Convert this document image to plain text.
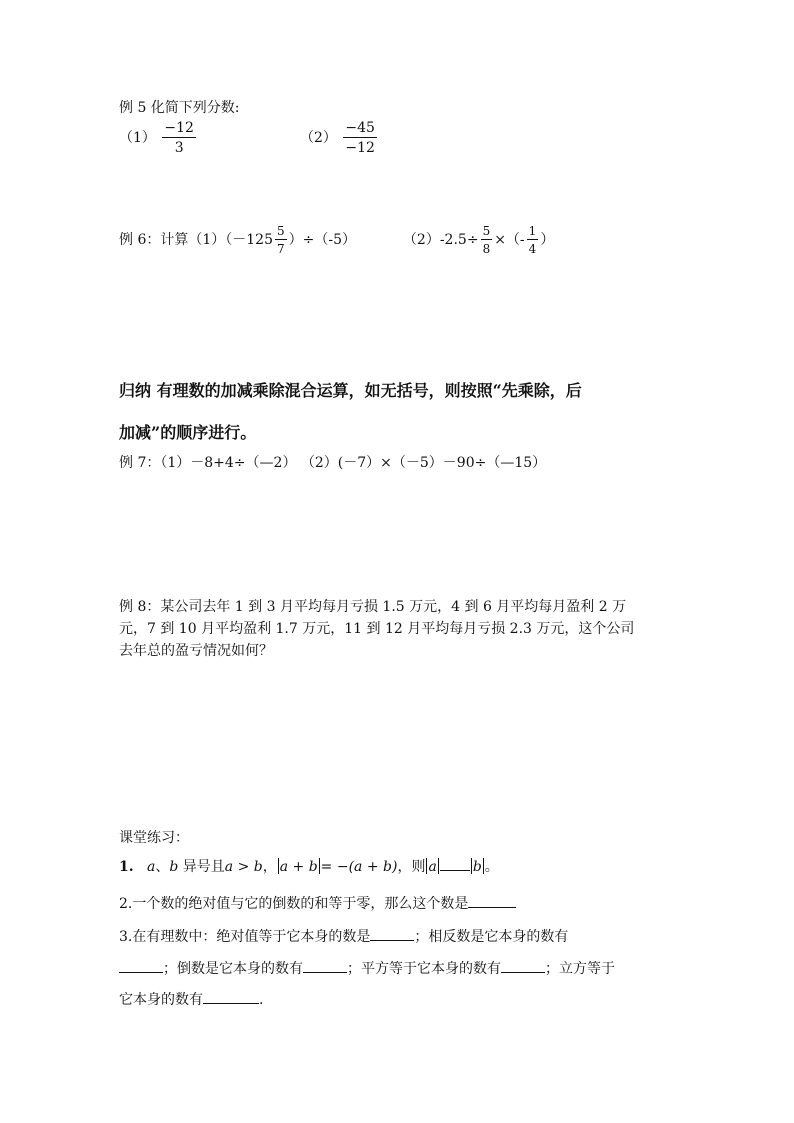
例 5 化简下列分数:
$(1) \frac{-12}{3}$	$(2) \frac{-45}{-12}$
例 6：计算$(1)(-125 \frac{5}{7} )\div(-5)$	$(2)-2.5\div \frac{5}{8}$ ×（- $\frac{1}{4}$ ）
归纳 有理数的加减乘除混合运算，如无括号，则按照“先乘除，后
加减”的顺序进行。
例 7：（1）－8+4÷（—2） （2）(－7）×（－5）－90÷（—15）
例 8：某公司去年 1 到 3 月平均每月亏损 1.5 万元，4 到 6 月平均每月盈利 2 万
元，7 到 10 月平均盈利 1.7 万元，11 到 12 月平均每月亏损 2.3 万元，这个公司
去年总的盈亏情况如何？
课堂练习：
1. a、b 异号且a > b， a + b = −(a + b)，则 a	b 。
2.一个数的绝对值与它的倒数的和等于零，那么这个数是
3.在有理数中：绝对值等于它本身的数是	；相反数是它本身的数有
；倒数是它本身的数有	；平方等于它本身的数有	；立方等于
它本身的数有	.
